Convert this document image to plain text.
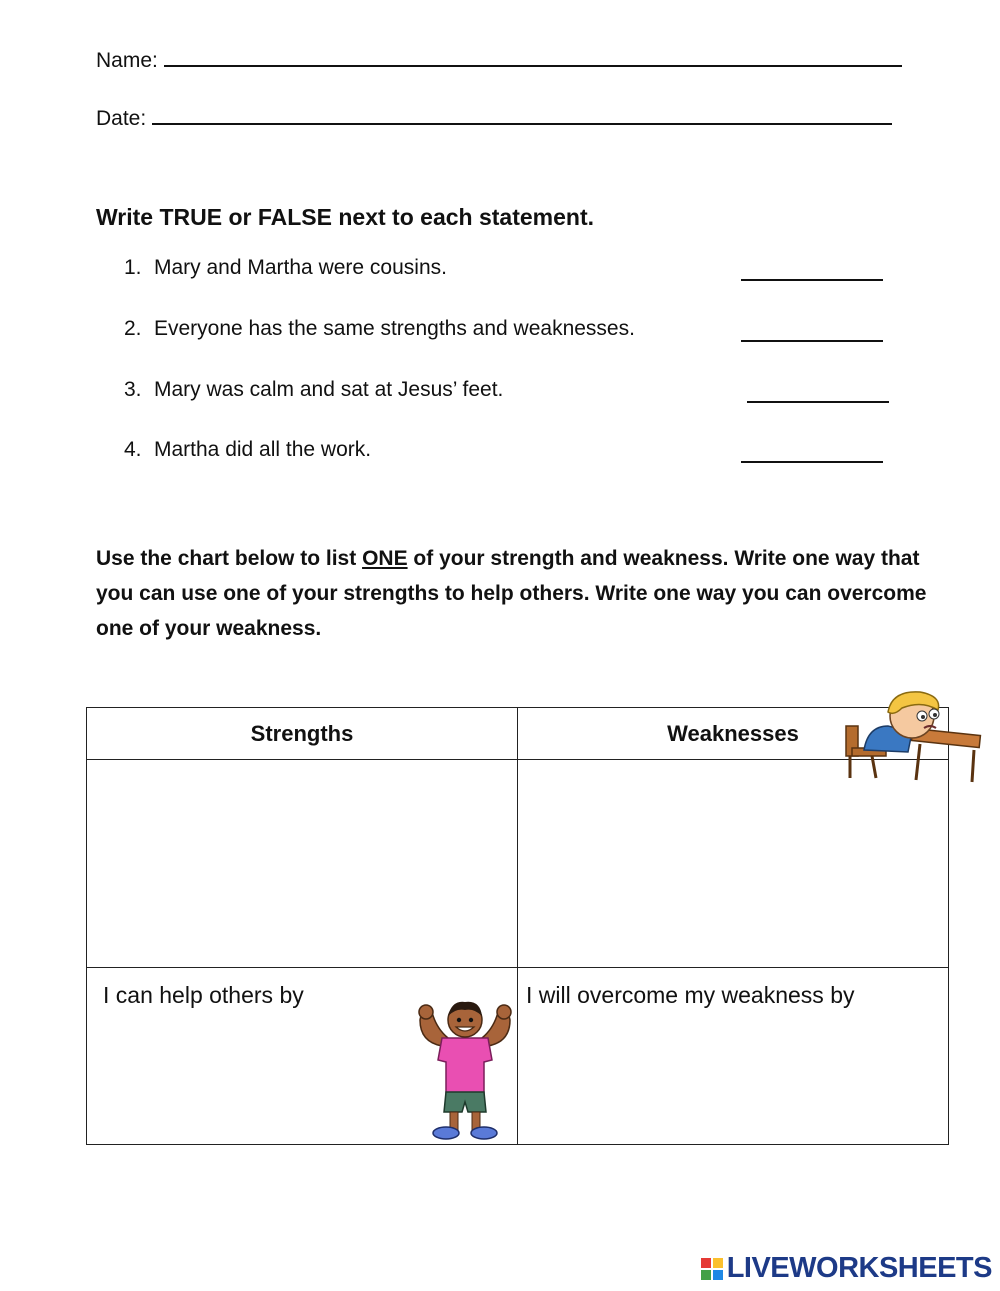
Name:
Date:
Write TRUE or FALSE next to each statement.
1. Mary and Martha were cousins.
2. Everyone has the same strengths and weaknesses.
3. Mary was calm and sat at Jesus’ feet.
4. Martha did all the work.
Use the chart below to list ONE of your strength and weakness. Write one way that you can use one of your strengths to help others. Write one way you can overcome one of your weakness.
Strengths	Weaknesses

I can help others by	I will overcome my weakness by
LIVEWORKSHEETS
